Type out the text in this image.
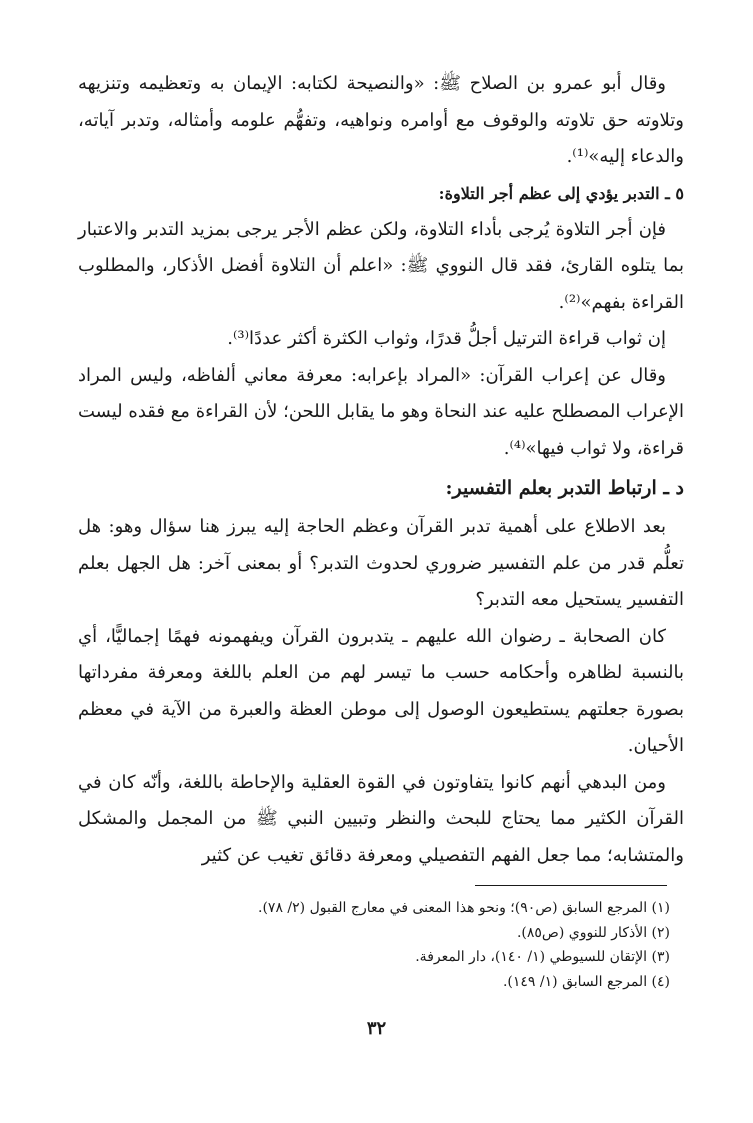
وقال أبو عمرو بن الصلاح ﷺ: «والنصيحة لكتابه: الإيمان به وتعظيمه وتنزيهه وتلاوته حق تلاوته والوقوف مع أوامره ونواهيه، وتفهُّم علومه وأمثاله، وتدبر آياته، والدعاء إليه»⁽¹⁾.

٥ ـ التدبر يؤدي إلى عظم أجر التلاوة:

فإن أجر التلاوة يُرجى بأداء التلاوة، ولكن عظم الأجر يرجى بمزيد التدبر والاعتبار بما يتلوه القارئ، فقد قال النووي ﷺ: «اعلم أن التلاوة أفضل الأذكار، والمطلوب القراءة بفهم»⁽²⁾.

إن ثواب قراءة الترتيل أجلُّ قدرًا، وثواب الكثرة أكثر عددًا⁽³⁾.

وقال عن إعراب القرآن: «المراد بإعرابه: معرفة معاني ألفاظه، وليس المراد الإعراب المصطلح عليه عند النحاة وهو ما يقابل اللحن؛ لأن القراءة مع فقده ليست قراءة، ولا ثواب فيها»⁽⁴⁾.

د ـ ارتباط التدبر بعلم التفسير:

بعد الاطلاع على أهمية تدبر القرآن وعظم الحاجة إليه يبرز هنا سؤال وهو: هل تعلُّم قدر من علم التفسير ضروري لحدوث التدبر؟ أو بمعنى آخر: هل الجهل بعلم التفسير يستحيل معه التدبر؟

كان الصحابة ـ رضوان الله عليهم ـ يتدبرون القرآن ويفهمونه فهمًا إجماليًّا، أي بالنسبة لظاهره وأحكامه حسب ما تيسر لهم من العلم باللغة ومعرفة مفرداتها بصورة جعلتهم يستطيعون الوصول إلى موطن العظة والعبرة من الآية في معظم الأحيان.

ومن البدهي أنهم كانوا يتفاوتون في القوة العقلية والإحاطة باللغة، وأنّه كان في القرآن الكثير مما يحتاج للبحث والنظر وتبيين النبي ﷺ من المجمل والمشكل والمتشابه؛ مما جعل الفهم التفصيلي ومعرفة دقائق تغيب عن كثير

(١) المرجع السابق (ص٩٠)؛ ونحو هذا المعنى في معارج القبول (٢/ ٧٨).

(٢) الأذكار للنووي (ص٨٥).

(٣) الإتقان للسيوطي (١/ ١٤٠)، دار المعرفة.

(٤) المرجع السابق (١/ ١٤٩).

٣٢
